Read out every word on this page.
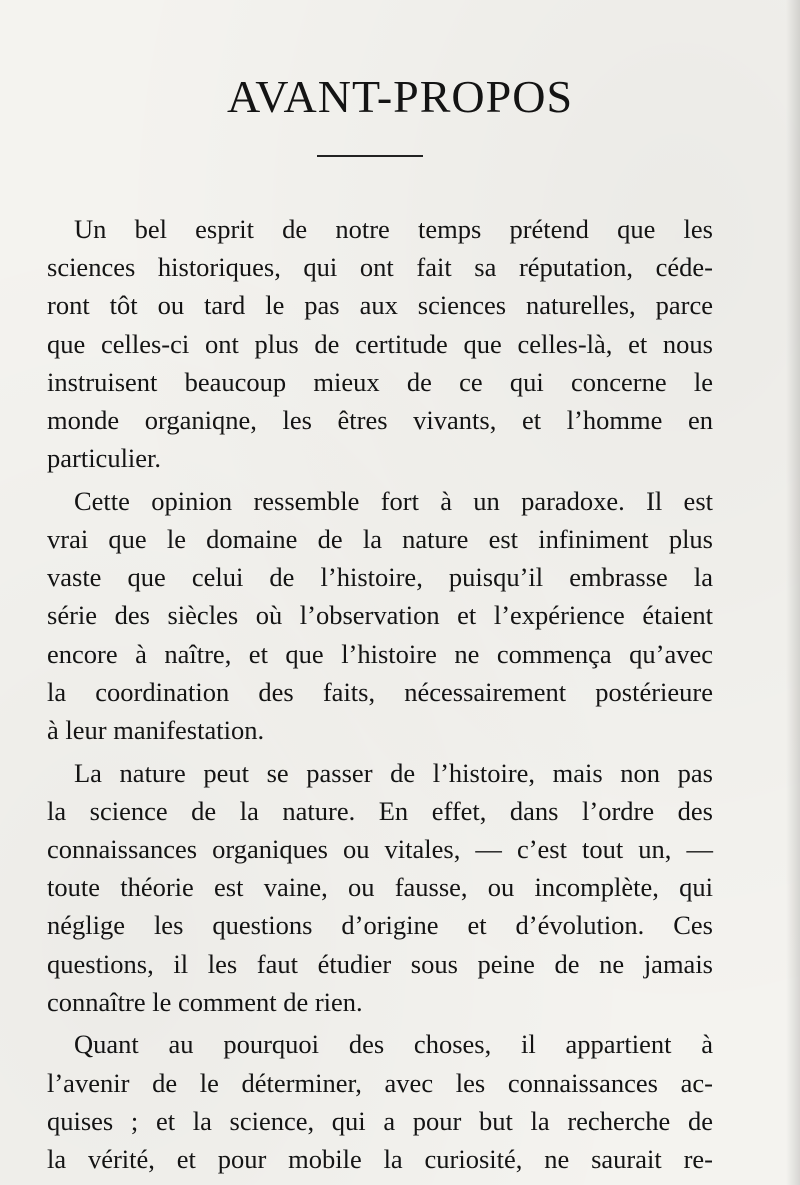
AVANT-PROPOS
Un bel esprit de notre temps prétend que les
sciences historiques, qui ont fait sa réputation, céde-
ront tôt ou tard le pas aux sciences naturelles, parce
que celles-ci ont plus de certitude que celles-là, et nous
instruisent beaucoup mieux de ce qui concerne le
monde organiqne, les êtres vivants, et l’homme en
particulier.
Cette opinion ressemble fort à un paradoxe. Il est
vrai que le domaine de la nature est infiniment plus
vaste que celui de l’histoire, puisqu’il embrasse la
série des siècles où l’observation et l’expérience étaient
encore à naître, et que l’histoire ne commença qu’avec
la coordination des faits, nécessairement postérieure
à leur manifestation.
La nature peut se passer de l’histoire, mais non pas
la science de la nature. En effet, dans l’ordre des
connaissances organiques ou vitales, — c’est tout un, —
toute théorie est vaine, ou fausse, ou incomplète, qui
néglige les questions d’origine et d’évolution. Ces
questions, il les faut étudier sous peine de ne jamais
connaître le comment de rien.
Quant au pourquoi des choses, il appartient à
l’avenir de le déterminer, avec les connaissances ac-
quises ; et la science, qui a pour but la recherche de
la vérité, et pour mobile la curiosité, ne saurait re-
